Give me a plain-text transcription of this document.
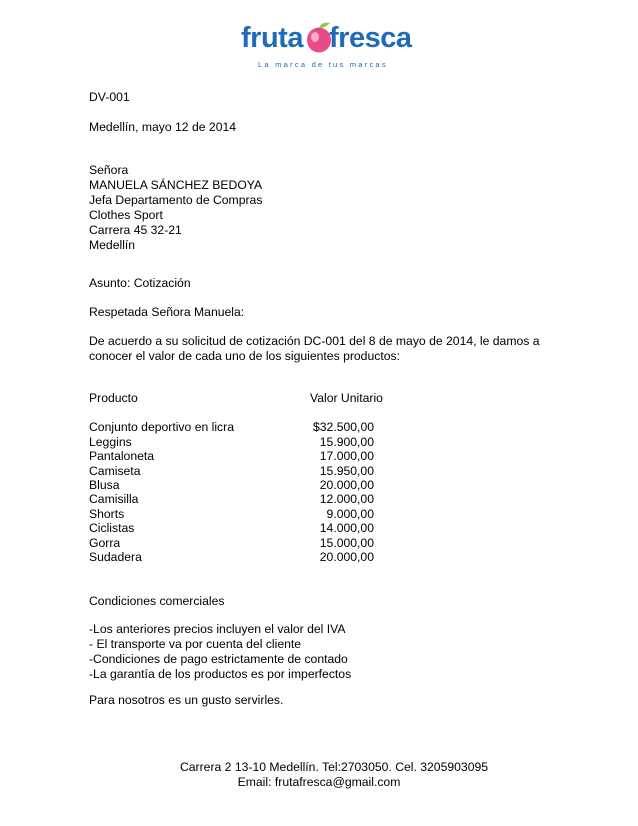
fruta fresca
La marca de tus marcas
DV-001
Medellín, mayo 12 de 2014
Señora
MANUELA SÁNCHEZ BEDOYA
Jefa Departamento de Compras
Clothes Sport
Carrera 45 32-21
Medellín
Asunto: Cotización
Respetada Señora Manuela:
De acuerdo a su solicitud de cotización DC-001 del 8 de mayo de 2014, le damos a conocer el valor de cada uno de los siguientes productos:
Producto	Valor Unitario
Conjunto deportivo en licra	$32.500,00
Leggins	15.900,00
Pantaloneta	17.000,00
Camiseta	15.950,00
Blusa	20.000,00
Camisilla	12.000,00
Shorts	9.000,00
Ciclistas	14.000,00
Gorra	15.000,00
Sudadera	20.000,00
Condiciones comerciales
-Los anteriores precios incluyen el valor del IVA
- El transporte va por cuenta del cliente
-Condiciones de pago estrictamente de contado
-La garantía de los productos es por imperfectos
Para nosotros es un gusto servirles.
Carrera 2 13-10 Medellín. Tel:2703050. Cel. 3205903095
Email: frutafresca@gmail.com
